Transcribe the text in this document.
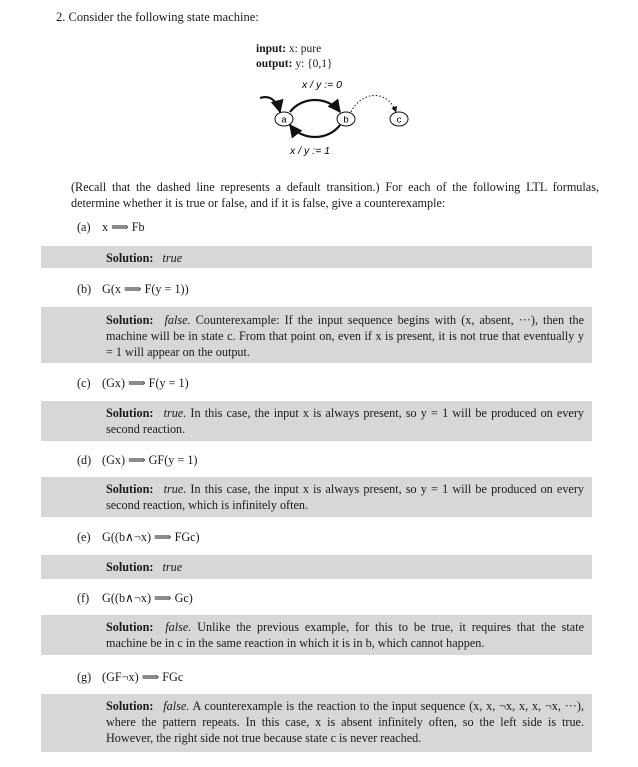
2. Consider the following state machine:
input: x: pure
output: y: {0,1}
x / y := 0
a	b	c
x / y := 1
(Recall that the dashed line represents a default transition.) For each of the following LTL formulas, determine whether it is true or false, and if it is false, give a counterexample:
(a) x ⟹ Fb
Solution: true
(b) G(x ⟹ F(y = 1))
Solution: false. Counterexample: If the input sequence begins with (x, absent, ···), then the machine will be in state c. From that point on, even if x is present, it is not true that eventually y = 1 will appear on the output.
(c) (Gx) ⟹ F(y = 1)
Solution: true. In this case, the input x is always present, so y = 1 will be produced on every second reaction.
(d) (Gx) ⟹ GF(y = 1)
Solution: true. In this case, the input x is always present, so y = 1 will be produced on every second reaction, which is infinitely often.
(e) G((b∧¬x) ⟹ FGc)
Solution: true
(f) G((b∧¬x) ⟹ Gc)
Solution: false. Unlike the previous example, for this to be true, it requires that the state machine be in c in the same reaction in which it is in b, which cannot happen.
(g) (GF¬x) ⟹ FGc
Solution: false. A counterexample is the reaction to the input sequence (x, x, ¬x, x, x, ¬x, ···), where the pattern repeats. In this case, x is absent infinitely often, so the left side is true. However, the right side not true because state c is never reached.
